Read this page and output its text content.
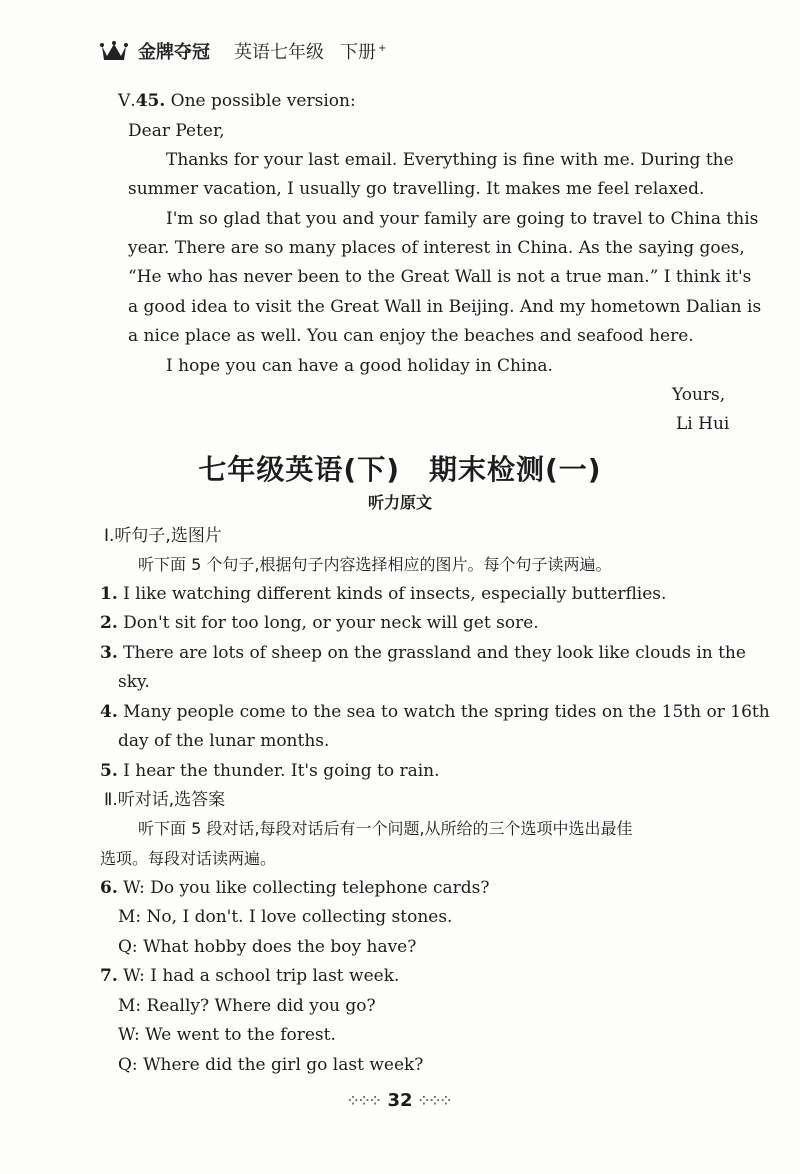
金牌夺冠 英语七年级 下册 +
Ⅴ.45. One possible version:
Dear Peter,
Thanks for your last email. Everything is fine with me. During the
summer vacation, I usually go travelling. It makes me feel relaxed.
I'm so glad that you and your family are going to travel to China this
year. There are so many places of interest in China. As the saying goes,
“He who has never been to the Great Wall is not a true man.” I think it's
a good idea to visit the Great Wall in Beijing. And my hometown Dalian is
a nice place as well. You can enjoy the beaches and seafood here.
I hope you can have a good holiday in China.
Yours,
Li Hui
七年级英语(下)　期末检测(一)
听力原文
Ⅰ.听句子,选图片
听下面 5 个句子,根据句子内容选择相应的图片。每个句子读两遍。
1. I like watching different kinds of insects, especially butterflies.
2. Don't sit for too long, or your neck will get sore.
3. There are lots of sheep on the grassland and they look like clouds in the
sky.
4. Many people come to the sea to watch the spring tides on the 15th or 16th
day of the lunar months.
5. I hear the thunder. It's going to rain.
Ⅱ.听对话,选答案
听下面 5 段对话,每段对话后有一个问题,从所给的三个选项中选出最佳
选项。每段对话读两遍。
6. W: Do you like collecting telephone cards?
M: No, I don't. I love collecting stones.
Q: What hobby does the boy have?
7. W: I had a school trip last week.
M: Really? Where did you go?
W: We went to the forest.
Q: Where did the girl go last week?
⁘⁘⁘ 32 ⁘⁘⁘
